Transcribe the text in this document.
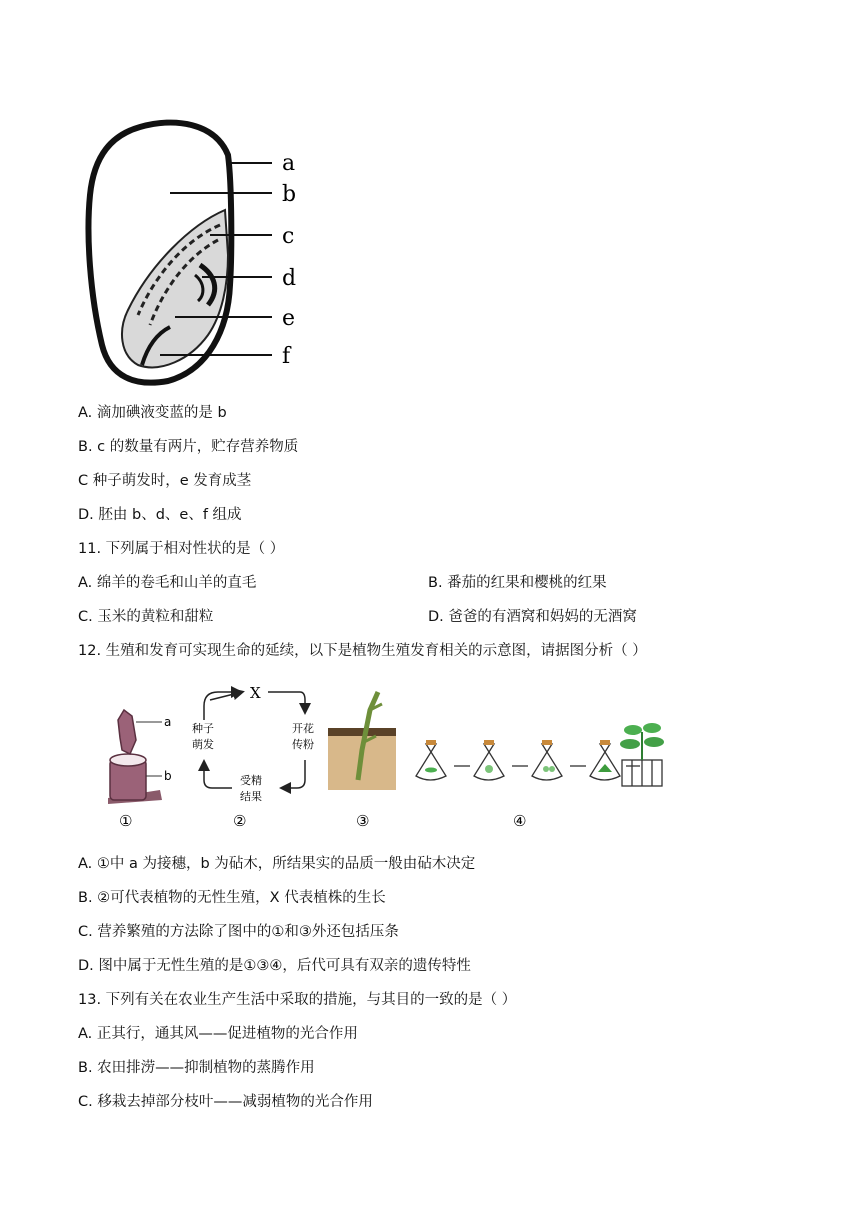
a
b
c
d
e
f
A. 滴加碘液变蓝的是 b
B. c 的数量有两片，贮存营养物质
C 种子萌发时，e 发育成茎
D. 胚由 b、d、e、f 组成
11. 下列属于相对性状的是（ ）
A. 绵羊的卷毛和山羊的直毛	B. 番茄的红果和樱桃的红果
C. 玉米的黄粒和甜粒	D. 爸爸的有酒窝和妈妈的无酒窝
12. 生殖和发育可实现生命的延续，以下是植物生殖发育相关的示意图，请据图分析（ ）
a
b
X
开花传粉
受精结果
种子萌发
①	②	③	④
A. ①中 a 为接穗，b 为砧木，所结果实的品质一般由砧木决定
B. ②可代表植物的无性生殖，X 代表植株的生长
C. 营养繁殖的方法除了图中的①和③外还包括压条
D. 图中属于无性生殖的是①③④，后代可具有双亲的遗传特性
13. 下列有关在农业生产生活中采取的措施，与其目的一致的是（ ）
A. 正其行，通其风——促进植物的光合作用
B. 农田排涝——抑制植物的蒸腾作用
C. 移栽去掉部分枝叶——减弱植物的光合作用
